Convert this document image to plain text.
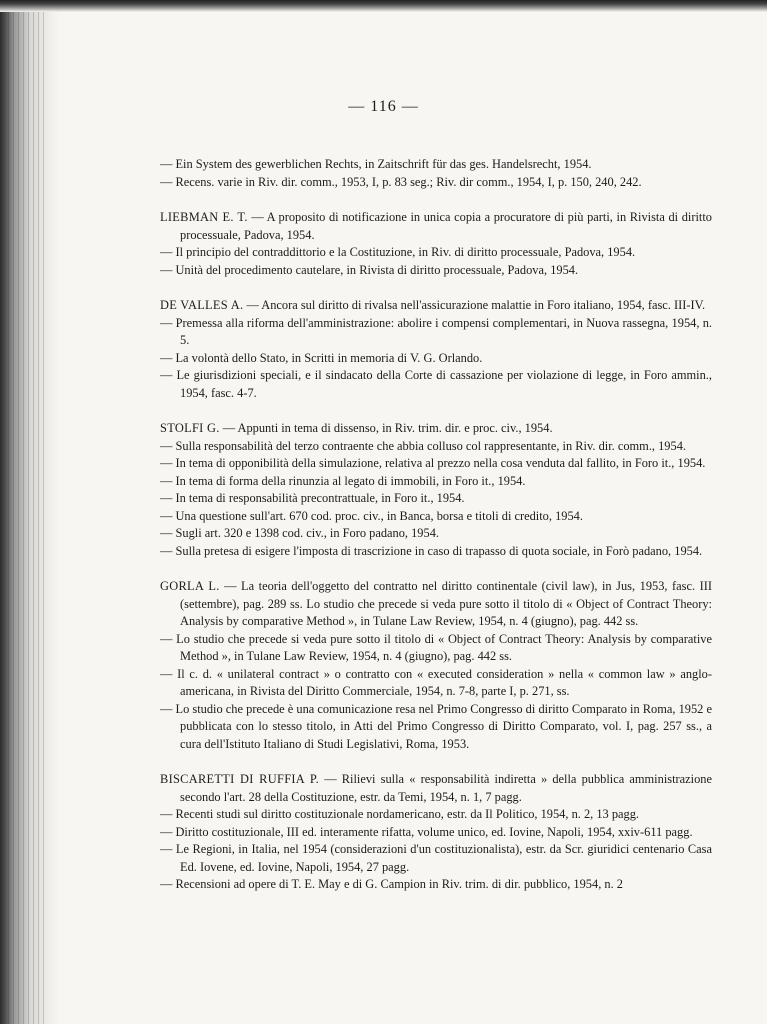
— 116 —
— Ein System des gewerblichen Rechts, in Zaitschrift für das ges. Handelsrecht, 1954.
— Recens. varie in Riv. dir. comm., 1953, I, p. 83 seg.; Riv. dir comm., 1954, I, p. 150, 240, 242.
LIEBMAN E. T. — A proposito di notificazione in unica copia a procuratore di più parti, in Rivista di diritto processuale, Padova, 1954.
— Il principio del contraddittorio e la Costituzione, in Riv. di diritto processuale, Padova, 1954.
— Unità del procedimento cautelare, in Rivista di diritto processuale, Padova, 1954.
DE VALLES A. — Ancora sul diritto di rivalsa nell'assicurazione malattie in Foro italiano, 1954, fasc. III-IV.
— Premessa alla riforma dell'amministrazione: abolire i compensi complementari, in Nuova rassegna, 1954, n. 5.
— La volontà dello Stato, in Scritti in memoria di V. G. Orlando.
— Le giurisdizioni speciali, e il sindacato della Corte di cassazione per violazione di legge, in Foro ammin., 1954, fasc. 4-7.
STOLFI G. — Appunti in tema di dissenso, in Riv. trim. dir. e proc. civ., 1954.
— Sulla responsabilità del terzo contraente che abbia colluso col rappresentante, in Riv. dir. comm., 1954.
— In tema di opponibilità della simulazione, relativa al prezzo nella cosa venduta dal fallito, in Foro it., 1954.
— In tema di forma della rinunzia al legato di immobili, in Foro it., 1954.
— In tema di responsabilità precontrattuale, in Foro it., 1954.
— Una questione sull'art. 670 cod. proc. civ., in Banca, borsa e titoli di credito, 1954.
— Sugli art. 320 e 1398 cod. civ., in Foro padano, 1954.
— Sulla pretesa di esigere l'imposta di trascrizione in caso di trapasso di quota sociale, in Forò padano, 1954.
GORLA L. — La teoria dell'oggetto del contratto nel diritto continentale (civil law), in Jus, 1953, fasc. III (settembre), pag. 289 ss. Lo studio che precede si veda pure sotto il titolo di « Object of Contract Theory: Analysis by comparative Method », in Tulane Law Review, 1954, n. 4 (giugno), pag. 442 ss.
— Lo studio che precede si veda pure sotto il titolo di « Object of Contract Theory: Analysis by comparative Method », in Tulane Law Review, 1954, n. 4 (giugno), pag. 442 ss.
— Il c. d. « unilateral contract » o contratto con « executed consideration » nella « common law » anglo-americana, in Rivista del Diritto Commerciale, 1954, n. 7-8, parte I, p. 271, ss.
— Lo studio che precede è una comunicazione resa nel Primo Congresso di diritto Comparato in Roma, 1952 e pubblicata con lo stesso titolo, in Atti del Primo Congresso di Diritto Comparato, vol. I, pag. 257 ss., a cura dell'Istituto Italiano di Studi Legislativi, Roma, 1953.
BISCARETTI DI RUFFIA P. — Rilievi sulla « responsabilità indiretta » della pubblica amministrazione secondo l'art. 28 della Costituzione, estr. da Temi, 1954, n. 1, 7 pagg.
— Recenti studi sul diritto costituzionale nordamericano, estr. da Il Politico, 1954, n. 2, 13 pagg.
— Diritto costituzionale, III ed. interamente rifatta, volume unico, ed. Iovine, Napoli, 1954, xxiv-611 pagg.
— Le Regioni, in Italia, nel 1954 (considerazioni d'un costituzionalista), estr. da Scr. giuridici centenario Casa Ed. Iovene, ed. Iovine, Napoli, 1954, 27 pagg.
— Recensioni ad opere di T. E. May e di G. Campion in Riv. trim. di dir. pubblico, 1954, n. 2
